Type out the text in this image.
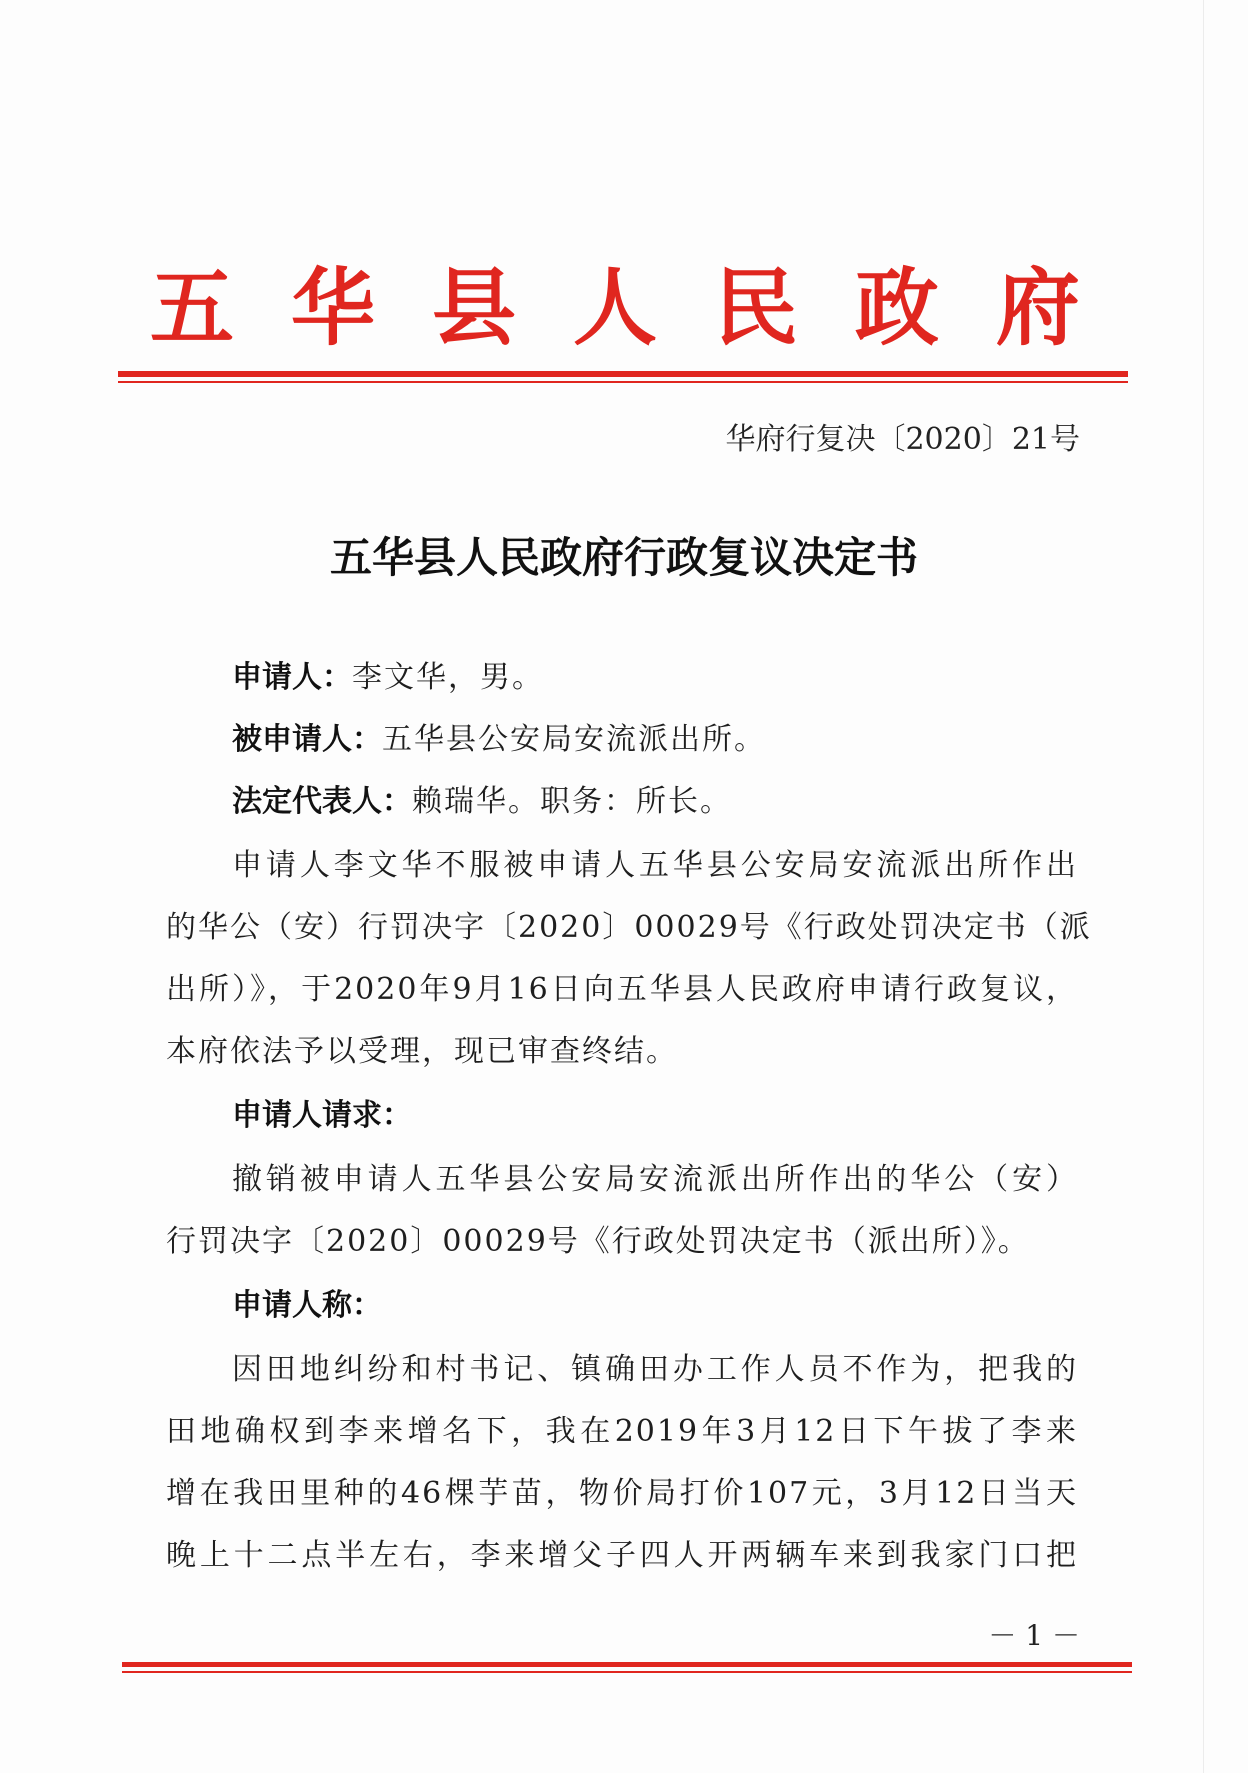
五 华 县 人 民 政 府
华府行复决〔2020〕21号
五华县人民政府行政复议决定书
申请人：李文华，男。
被申请人：五华县公安局安流派出所。
法定代表人：赖瑞华。职务：所长。
申请人李文华不服被申请人五华县公安局安流派出所作出
的华公（安）行罚决字〔2020〕00029号《行政处罚决定书（派
出所）》，于2020年9月16日向五华县人民政府申请行政复议，
本府依法予以受理，现已审查终结。
申请人请求：
撤销被申请人五华县公安局安流派出所作出的华公（安）
行罚决字〔2020〕00029号《行政处罚决定书（派出所）》。
申请人称：
因田地纠纷和村书记、镇确田办工作人员不作为，把我的
田地确权到李来增名下，我在2019年3月12日下午拔了李来
增在我田里种的46棵芋苗，物价局打价107元，3月12日当天
晚上十二点半左右，李来增父子四人开两辆车来到我家门口把
－ 1 －
